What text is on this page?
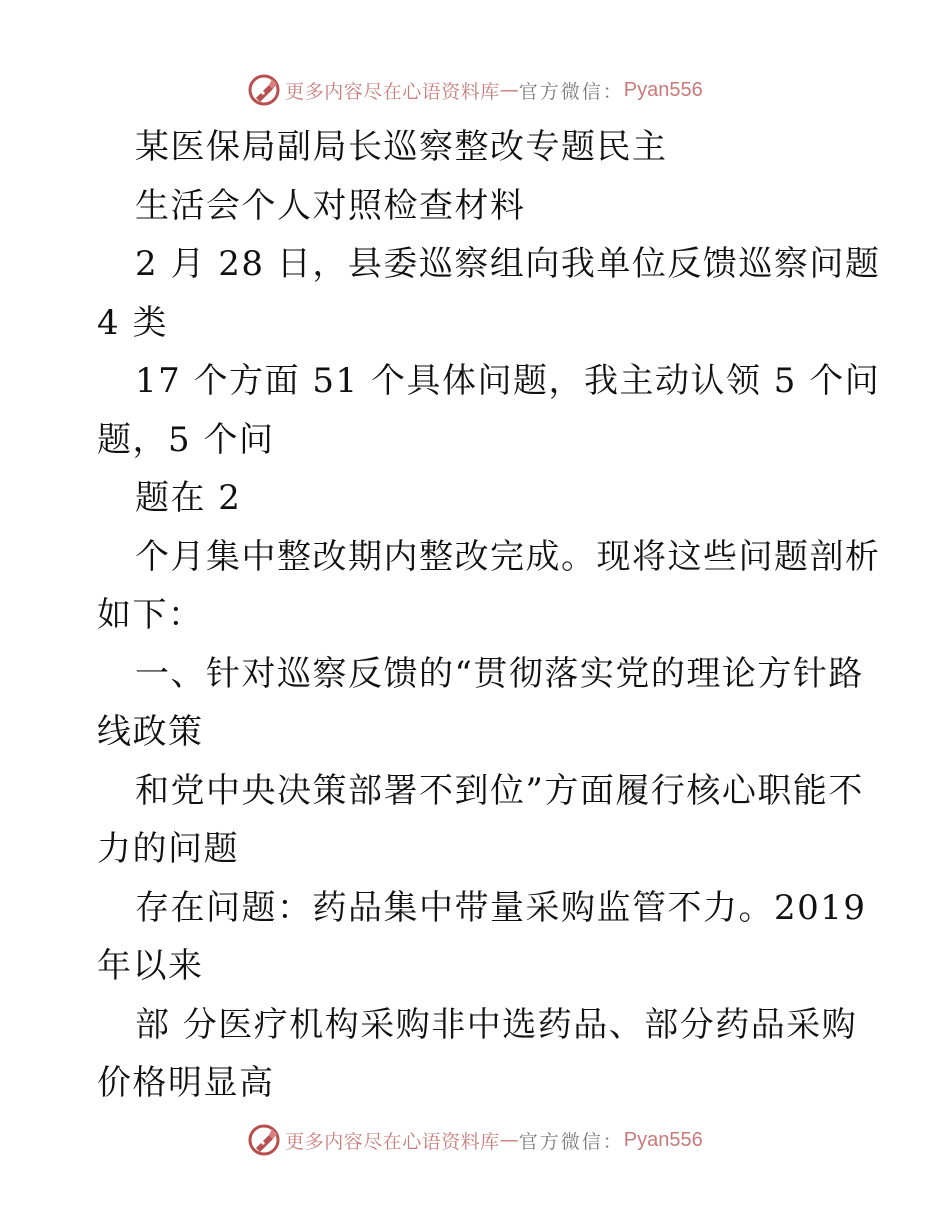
更多内容尽在心语资料库 — 官方微信： Pyan556
某医保局副局长巡察整改专题民主
生活会个人对照检查材料
2 月 28 日，县委巡察组向我单位反馈巡察问题
4 类
17 个方面 51 个具体问题，我主动认领 5 个问
题，5 个问
题在 2
个月集中整改期内整改完成。现将这些问题剖析
如下：
一、针对巡察反馈的“贯彻落实党的理论方针路
线政策
和党中央决策部署不到位”方面履行核心职能不
力的问题
存在问题：药品集中带量采购监管不力。2019
年以来
部 分医疗机构采购非中选药品、部分药品采购
价格明显高
更多内容尽在心语资料库 — 官方微信： Pyan556
